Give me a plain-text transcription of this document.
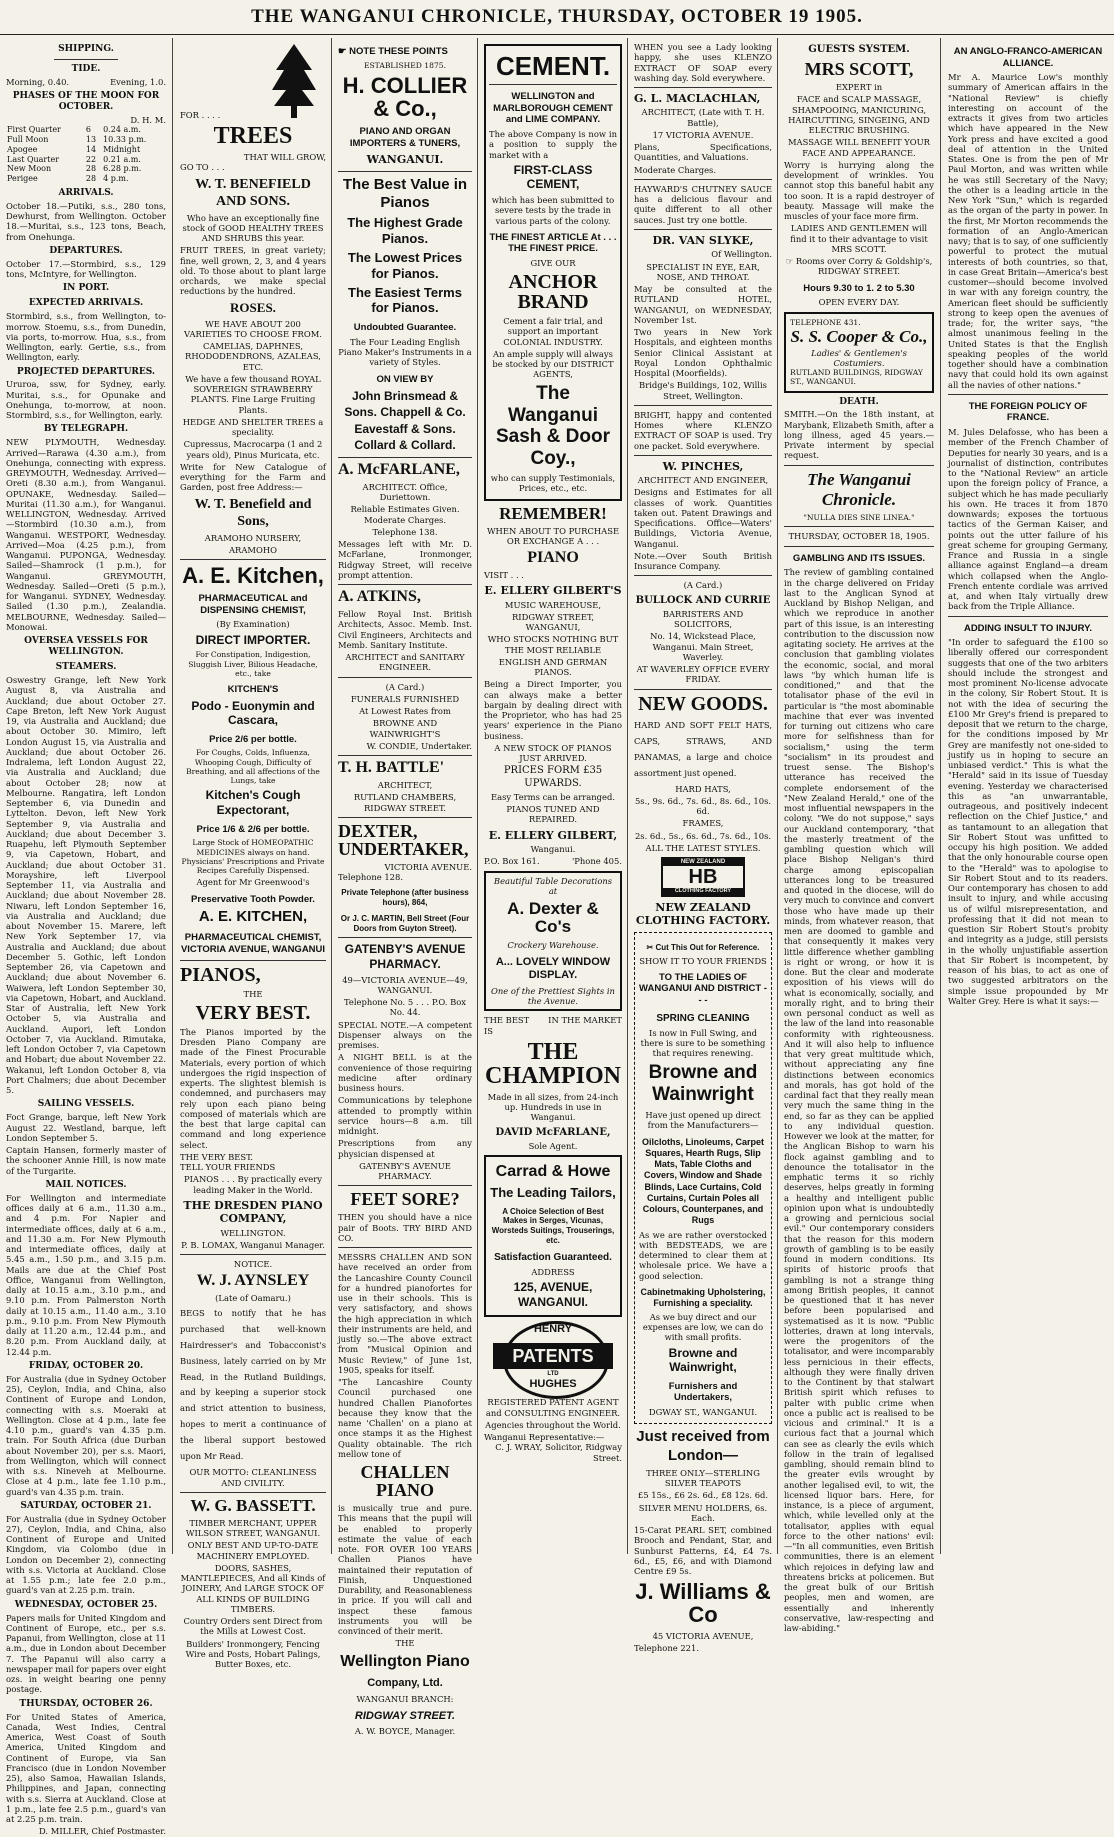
THE WANGANUI CHRONICLE, THURSDAY, OCTOBER 19 1905.
SHIPPING.
TIDE.
Morning, 0.40.	Evening, 1.0.
PHASES OF THE MOON FOR OCTOBER.
D. H. M.
First Quarter	6	0.24 a.m.
Full Moon	13	10.33 p.m.
Apogee	14	Midnight
Last Quarter	22	0.21 a.m.
New Moon	28	6.28 p.m.
Perigee	28	4 p.m.
ARRIVALS.
October 18.—Putiki, s.s., 280 tons, Dewhurst, from Wellington. October 18.—Muritai, s.s., 123 tons, Beach, from Onehunga.
DEPARTURES.
October 17.—Stormbird, s.s., 129 tons, McIntyre, for Wellington.
IN PORT.
EXPECTED ARRIVALS.
Stormbird, s.s., from Wellington, to-morrow. Stoemu, s.s., from Dunedin, via ports, to-morrow. Hua, s.s., from Wellington, early. Gertie, s.s., from Wellington, early.
PROJECTED DEPARTURES.
Ururoa, ssw, for Sydney, early. Muritai, s.s., for Opunake and Onehunga, to-morrow, at noon. Stormbird, s.s., for Wellington, early.
BY TELEGRAPH.
NEW PLYMOUTH, Wednesday. Arrived—Rarawa (4.30 a.m.), from Onehunga, connecting with express. GREYMOUTH, Wednesday. Arrived—Oreti (8.30 a.m.), from Wanganui. OPUNAKE, Wednesday. Sailed—Muritai (11.30 a.m.), for Wanganui. WELLINGTON, Wednesday. Arrived—Stormbird (10.30 a.m.), from Wanganui. WESTPORT, Wednesday. Arrived—Moa (4.25 p.m.), from Wanganui. PUPONGA, Wednesday. Sailed—Shamrock (1 p.m.), for Wanganui. GREYMOUTH, Wednesday. Sailed—Oreti (5 p.m.), for Wanganui. SYDNEY, Wednesday. Sailed (1.30 p.m.), Zealandia. MELBOURNE, Wednesday. Sailed—Monowai.
OVERSEA VESSELS FOR WELLINGTON.
STEAMERS.
Oswestry Grange, left New York August 8, via Australia and Auckland; due about October 27. Cape Breton, left New York August 19, via Australia and Auckland; due about October 30. Mimiro, left London August 15, via Australia and Auckland; due about October 26. Indralema, left London August 22, via Australia and Auckland; due about October 28; now at Melbourne. Rangatira, left London September 6, via Dunedin and Lyttelton. Devon, left New York September 9, via Australia and Auckland; due about December 3. Ruapehu, left Plymouth September 9, via Capetown, Hobart, and Auckland; due about October 31. Morayshire, left Liverpool September 11, via Australia and Auckland; due about November 28. Niwaru, left London September 16, via Australia and Auckland; due about November 15. Marere, left New York September 17, via Australia and Auckland; due about December 5. Gothic, left London September 26, via Capetown and Auckland; due about November 6. Waiwera, left London September 30, via Capetown, Hobart, and Auckland. Star of Australia, left New York October 5, via Australia and Auckland. Aupori, left London October 7, via Auckland. Rimutaka, left London October 7, via Capetown and Hobart; due about November 22. Wakanui, left London October 8, via Port Chalmers; due about December 5.
SAILING VESSELS.
Foct Grange, barque, left New York August 22. Westland, barque, left London September 5.
Captain Hansen, formerly master of the schooner Annie Hill, is now mate of the Turgarite.
MAIL NOTICES.
For Wellington and intermediate offices daily at 6 a.m., 11.30 a.m., and 4 p.m. For Napier and intermediate offices, daily at 6 a.m., and 11.30 a.m. For New Plymouth and intermediate offices, daily at 5.45 a.m., 1.50 p.m., and 3.15 p.m. Mails are due at the Chief Post Office, Wanganui from Wellington, daily at 10.15 a.m., 3.10 p.m., and 9.10 p.m. From Palmerston North daily at 10.15 a.m., 11.40 a.m., 3.10 p.m., 9.10 p.m. From New Plymouth daily at 11.20 a.m., 12.44 p.m., and 8.20 p.m. From Auckland daily, at 12.44 p.m.
FRIDAY, OCTOBER 20.
For Australia (due in Sydney October 25), Ceylon, India, and China, also Continent of Europe and London, connecting with s.s. Moeraki at Wellington. Close at 4 p.m., late fee 4.10 p.m., guard's van 4.35 p.m. train. For South Africa (due Durban about November 20), per s.s. Maori, from Wellington, which will connect with s.s. Nineveh at Melbourne. Close at 4 p.m., late fee 1.10 p.m., guard's van 4.35 p.m. train.
SATURDAY, OCTOBER 21.
For Australia (due in Sydney October 27), Ceylon, India, and China, also Continent of Europe and United Kingdom, via Colombo (due in London on December 2), connecting with s.s. Victoria at Auckland. Close at 1.55 p.m.; late fee 2.0 p.m., guard's van at 2.25 p.m. train.
WEDNESDAY, OCTOBER 25.
Papers mails for United Kingdom and Continent of Europe, etc., per s.s. Papanui, from Wellington, close at 11 a.m., due in London about December 7. The Papanui will also carry a newspaper mail for papers over eight ozs. in weight bearing one penny postage.
THURSDAY, OCTOBER 26.
For United States of America, Canada, West Indies, Central America, West Coast of South America, United Kingdom and Continent of Europe, via San Francisco (due in London November 25), also Samoa, Hawaiian Islands, Philippines, and Japan, connecting with s.s. Sierra at Auckland. Close at 1 p.m., late fee 2.5 p.m., guard's van at 2.25 p.m. train.
D. MILLER, Chief Postmaster.
FOR . . . .
TREES
THAT WILL GROW,
GO TO . . .
W. T. BENEFIELD AND SONS.
Who have an exceptionally fine stock of GOOD HEALTHY TREES AND SHRUBS this year.
FRUIT TREES, in great variety; fine, well grown, 2, 3, and 4 years old. To those about to plant large orchards, we make special reductions by the hundred.
ROSES.
WE HAVE ABOUT 200 VARIETIES TO CHOOSE FROM.
CAMELIAS, DAPHNES, RHODODENDRONS, AZALEAS, ETC.
We have a few thousand ROYAL SOVEREIGN STRAWBERRY PLANTS. Fine Large Fruiting Plants.
HEDGE AND SHELTER TREES a speciality.
Cupressus, Macrocarpa (1 and 2 years old), Pinus Muricata, etc.
Write for New Catalogue of everything for the Farm and Garden, post free Address:—
W. T. Benefield and Sons,
ARAMOHO NURSERY,
ARAMOHO
A. E. Kitchen,
PHARMACEUTICAL and DISPENSING CHEMIST,
(By Examination)
DIRECT IMPORTER.
For Constipation, Indigestion, Sluggish Liver, Bilious Headache, etc., take
KITCHEN'S
Podo - Euonymin and Cascara,
Price 2/6 per bottle.
For Coughs, Colds, Influenza, Whooping Cough, Difficulty of Breathing, and all affections of the Lungs, take
Kitchen's Cough Expectorant,
Price 1/6 & 2/6 per bottle.
Large Stock of HOMEOPATHIC MEDICINES always on hand. Physicians' Prescriptions and Private Recipes Carefully Dispensed.
Agent for Mr Greenwood's
Preservative Tooth Powder.
A. E. KITCHEN,
PHARMACEUTICAL CHEMIST, VICTORIA AVENUE, WANGANUI
PIANOS,
THE
VERY BEST.
The Pianos imported by the Dresden Piano Company are made of the Finest Procurable Materials, every portion of which undergoes the rigid inspection of experts. The slightest blemish is condemned, and purchasers may rely upon each piano being composed of materials which are the best that large capital can command and long experience select.
THE VERY BEST.
TELL YOUR FRIENDS
PIANOS . . . By practically every leading Maker in the World.
THE DRESDEN PIANO COMPANY,
WELLINGTON.
P. B. LOMAX, Wanganui Manager.
NOTICE.
W. J. AYNSLEY
(Late of Oamaru.)
BEGS to notify that he has purchased that well-known Hairdresser's and Tobacconist's Business, lately carried on by Mr Read, in the Rutland Buildings, and by keeping a superior stock and strict attention to business, hopes to merit a continuance of the liberal support bestowed upon Mr Read.
OUR MOTTO: CLEANLINESS AND CIVILITY.
W. G. BASSETT.
TIMBER MERCHANT, UPPER WILSON STREET, WANGANUI.
ONLY BEST AND UP-TO-DATE MACHINERY EMPLOYED.
DOORS, SASHES, MANTLEPIECES, And all Kinds of JOINERY, And LARGE STOCK OF ALL KINDS OF BUILDING TIMBERS.
Country Orders sent Direct from the Mills at Lowest Cost.
Builders' Ironmongery, Fencing Wire and Posts, Hobart Palings, Butter Boxes, etc.
☛ NOTE THESE POINTS
ESTABLISHED 1875.
H. COLLIER & Co.,
PIANO AND ORGAN IMPORTERS & TUNERS,
WANGANUI.
The Best Value in Pianos
The Highest Grade Pianos.
The Lowest Prices for Pianos.
The Easiest Terms for Pianos.
Undoubted Guarantee.
The Four Leading English Piano Maker's Instruments in a variety of Styles.
ON VIEW BY
John Brinsmead & Sons. Chappell & Co. Eavestaff & Sons. Collard & Collard.
A. McFARLANE,
ARCHITECT. Office, Duriettown.
Reliable Estimates Given. Moderate Charges.
Telephone 138.
Messages left with Mr. D. McFarlane, Ironmonger, Ridgway Street, will receive prompt attention.
A. ATKINS,
Fellow Royal Inst. British Architects, Assoc. Memb. Inst. Civil Engineers, Architects and Memb. Sanitary Institute.
ARCHITECT and SANITARY ENGINEER.
(A Card.)
FUNERALS FURNISHED
At Lowest Rates from
BROWNE AND WAINWRIGHT'S
W. CONDIE, Undertaker.
T. H. BATTLE'
ARCHITECT,
RUTLAND CHAMBERS, RIDGWAY STREET.
DEXTER, UNDERTAKER,
VICTORIA AVENUE.
Telephone 128.
Private Telephone (after business hours), 864,
Or J. C. MARTIN, Bell Street (Four Doors from Guyton Street).
GATENBY'S AVENUE PHARMACY.
49—VICTORIA AVENUE—49, WANGANUI.
Telephone No. 5 . . . P.O. Box No. 44.
SPECIAL NOTE.—A competent Dispenser always on the premises.
A NIGHT BELL is at the convenience of those requiring medicine after ordinary business hours.
Communications by telephone attended to promptly within service hours—8 a.m. till midnight.
Prescriptions from any physician dispensed at
GATENBY'S AVENUE PHARMACY.
FEET SORE?
THEN you should have a nice pair of Boots. TRY BIRD AND CO.
MESSRS CHALLEN AND SON have received an order from the Lancashire County Council for a hundred pianofortes for use in their schools. This is very satisfactory, and shows the high appreciation in which their instruments are held, and justly so.—The above extract from "Musical Opinion and Music Review," of June 1st, 1905, speaks for itself.
"The Lancashire County Council purchased one hundred Challen Pianofortes because they know that the name 'Challen' on a piano at once stamps it as the Highest Quality obtainable. The rich mellow tone of
CHALLEN PIANO
is musically true and pure. This means that the pupil will be enabled to properly estimate the value of each note. FOR OVER 100 YEARS Challen Pianos have maintained their reputation of Finish, Unquestioned Durability, and Reasonableness in price. If you will call and inspect these famous instruments you will be convinced of their merit.
THE
Wellington Piano
Company, Ltd.
WANGANUI BRANCH:
RIDGWAY STREET.
A. W. BOYCE, Manager.
CEMENT.
WELLINGTON and MARLBOROUGH CEMENT and LIME COMPANY.
The above Company is now in a position to supply the market with a
FIRST-CLASS CEMENT,
which has been submitted to severe tests by the trade in various parts of the colony.
THE FINEST ARTICLE At . . . THE FINEST PRICE.
GIVE OUR
ANCHOR BRAND
Cement a fair trial, and support an important COLONIAL INDUSTRY.
An ample supply will always be stocked by our DISTRICT AGENTS,
The Wanganui Sash & Door Coy.,
who can supply Testimonials, Prices, etc., etc.
REMEMBER!
WHEN ABOUT TO PURCHASE OR EXCHANGE A . . .
PIANO
VISIT . . .
E. ELLERY GILBERT'S
MUSIC WAREHOUSE,
RIDGWAY STREET, WANGANUI,
WHO STOCKS NOTHING BUT THE MOST RELIABLE
ENGLISH AND GERMAN PIANOS.
Being a Direct Importer, you can always make a better bargain by dealing direct with the Proprietor, who has had 25 years' experience in the Piano business.
A NEW STOCK OF PIANOS JUST ARRIVED.
PRICES FORM £35 UPWARDS.
Easy Terms can be arranged.
PIANOS TUNED AND REPAIRED.
E. ELLERY GILBERT,
Wanganui.
P.O. Box 161.	'Phone 405.
Beautiful Table Decorations at
A. Dexter & Co's
Crockery Warehouse.
A... LOVELY WINDOW DISPLAY.
One of the Prettiest Sights in the Avenue.
THE BEST IN THE MARKET
IS
THE CHAMPION
Made in all sizes, from 24-inch up. Hundreds in use in Wanganui.
DAVID McFARLANE,
Sole Agent.
Carrad & Howe
The Leading Tailors,
A Choice Selection of Best Makes in Serges, Vicunas, Worsteds Suitings, Trouserings, etc.
Satisfaction Guaranteed.
ADDRESS
125, AVENUE, WANGANUI.
HENRY
PATENTS
LTD
HUGHES
REGISTERED PATENT AGENT and CONSULTING ENGINEER.
Agencies throughout the World.
Wanganui Representative:—
C. J. WRAY, Solicitor, Ridgway Street.
WHEN you see a Lady looking happy, she uses KLENZO EXTRACT OF SOAP every washing day. Sold everywhere.
G. L. MACLACHLAN,
ARCHITECT, (Late with T. H. Battle),
17 VICTORIA AVENUE.
Plans, Specifications, Quantities, and Valuations.
Moderate Charges.
HAYWARD'S CHUTNEY SAUCE has a delicious flavour and quite different to all other sauces. Just try one bottle.
DR. VAN SLYKE,
Of Wellington.
SPECIALIST IN EYE, EAR, NOSE, AND THROAT.
May be consulted at the RUTLAND HOTEL, WANGANUI, on WEDNESDAY, November 1st.
Two years in New York Hospitals, and eighteen months Senior Clinical Assistant at Royal London Ophthalmic Hospital (Moorfields).
Bridge's Buildings, 102, Willis Street, Wellington.
BRIGHT, happy and contented Homes where KLENZO EXTRACT OF SOAP is used. Try one packet. Sold everywhere.
W. PINCHES,
ARCHITECT AND ENGINEER,
Designs and Estimates for all classes of work. Quantities taken out. Patent Drawings and Specifications. Office—Waters' Buildings, Victoria Avenue, Wanganui.
Note.—Over South British Insurance Company.
(A Card.)
BULLOCK AND CURRIE
BARRISTERS AND SOLICITORS,
No. 14, Wickstead Place, Wanganui. Main Street, Waverley.
AT WAVERLEY OFFICE EVERY FRIDAY.
NEW GOODS.
HARD AND SOFT FELT HATS, CAPS, STRAWS, AND PANAMAS, a large and choice assortment just opened.
HARD HATS,
5s., 9s. 6d., 7s. 6d., 8s. 6d., 10s. 6d.
FRAMES,
2s. 6d., 5s., 6s. 6d., 7s. 6d., 10s.
ALL THE LATEST STYLES.
NEW ZEALAND
HB
CLOTHING FACTORY
NEW ZEALAND CLOTHING FACTORY.
✂ Cut This Out for Reference.
SHOW IT TO YOUR FRIENDS
TO THE LADIES OF WANGANUI AND DISTRICT - - -
SPRING CLEANING
Is now in Full Swing, and there is sure to be something that requires renewing.
Browne and Wainwright
Have just opened up direct from the Manufacturers—
Oilcloths, Linoleums, Carpet Squares, Hearth Rugs, Slip Mats, Table Cloths and Covers, Window and Shade Blinds, Lace Curtains, Cold Curtains, Curtain Poles all Colours, Counterpanes, and Rugs
As we are rather overstocked with BEDSTEADS, we are determined to clear them at wholesale price. We have a good selection.
Cabinetmaking Upholstering, Furnishing a speciality.
As we buy direct and our expenses are low, we can do with small profits.
Browne and Wainwright,
Furnishers and Undertakers,
DGWAY ST., WANGANUI.
Just received from London—
THREE ONLY—STERLING SILVER TEAPOTS
£5 15s., £6 2s. 6d., £8 12s. 6d.
SILVER MENU HOLDERS, 6s. Each.
15-Carat PEARL SET, combined Brooch and Pendant, Star, and Sunburst Patterns, £4, £4 7s. 6d., £5, £6, and with Diamond Centre £9 5s.
J. Williams & Co
45 VICTORIA AVENUE,
Telephone 221.
GUESTS SYSTEM.
MRS SCOTT,
EXPERT in
FACE and SCALP MASSAGE, SHAMPOOING, MANICURING, HAIRCUTTING, SINGEING, AND ELECTRIC BRUSHING.
MASSAGE WILL BENEFIT YOUR FACE AND APPEARANCE.
Worry is hurrying along the development of wrinkles. You cannot stop this baneful habit any too soon. It is a rapid destroyer of beauty. Massage will make the muscles of your face more firm.
LADIES AND GENTLEMEN will find it to their advantage to visit MRS SCOTT.
☞ Rooms over Corry & Goldship's, RIDGWAY STREET.
Hours 9.30 to 1. 2 to 5.30
OPEN EVERY DAY.
TELEPHONE 431.
S. S. Cooper & Co.,
Ladies' & Gentlemen's Costumiers.
RUTLAND BUILDINGS, RIDGWAY ST., WANGANUI.
DEATH.
SMITH.—On the 18th instant, at Marybank, Elizabeth Smith, after a long illness, aged 45 years.—Private interment by special request.
The Wanganui Chronicle.
"NULLA DIES SINE LINEA."
THURSDAY, OCTOBER 18, 1905.
GAMBLING AND ITS ISSUES.
The review of gambling contained in the charge delivered on Friday last to the Anglican Synod at Auckland by Bishop Neligan, and which we reproduce in another part of this issue, is an interesting contribution to the discussion now agitating society. He arrives at the conclusion that gambling violates the economic, social, and moral laws "by which human life is conditioned," and that the totalisator phase of the evil in particular is "the most abominable machine that ever was invented for turning out citizens who care more for selfishness than for socialism," using the term "socialism" in its proudest and truest sense. The Bishop's utterance has received the complete endorsement of the "New Zealand Herald," one of the most influential newspapers in the colony. "We do not suppose," says our Auckland contemporary, "that the masterly treatment of the gambling question which will place Bishop Neligan's third charge among episcopalian utterances long to be treasured and quoted in the diocese, will do very much to convince and convert those who have made up their minds, from whatever reason, that men are doomed to gamble and that consequently it makes very little difference whether gambling is right or wrong, or how it is done. But the clear and moderate exposition of his views will do what is economically, socially, and morally right, and to bring their own personal conduct as well as the law of the land into reasonable conformity with righteousness. And it will also help to influence that very great multitude which, without appreciating any fine distinctions between economics and morals, has got hold of the cardinal fact that they really mean very much the same thing in the end, so far as they can be applied to any individual question. However we look at the matter, for the Anglican Bishop to warn his flock against gambling and to denounce the totalisator in the emphatic terms it so richly deserves, helps greatly in forming a healthy and intelligent public opinion upon what is undoubtedly a growing and pernicious social evil." Our contemporary considers that the reason for this modern growth of gambling is to be easily found in modern conditions. Its spirits of historic proofs that gambling is not a strange thing among British peoples, it cannot be questioned that it has never before been popularised and systematised as it is now. "Public lotteries, drawn at long intervals, were the progenitors of the totalisator, and were incomparably less pernicious in their effects, although they were finally driven to the Continent by that stalwart British spirit which refuses to palter with public crime when once a public act is realised to be vicious and criminal." It is a curious fact that a journal which can see as clearly the evils which follow in the train of legalised gambling, should remain blind to the greater evils wrought by another legalised evil, to wit, the licensed liquor bars. Here, for instance, is a piece of argument, which, while levelled only at the totalisator, applies with equal force to the other nations' evil:—"In all communities, even British communities, there is an element which rejoices in defying law and threatens bricks at policemen. But the great bulk of our British peoples, men and women, are essentially and inherently conservative, law-respecting and law-abiding."
AN ANGLO-FRANCO-AMERICAN ALLIANCE.
Mr A. Maurice Low's monthly summary of American affairs in the "National Review" is chiefly interesting on account of the extracts it gives from two articles which have appeared in the New York press and have excited a good deal of attention in the United States. One is from the pen of Mr Paul Morton, and was written while he was still Secretary of the Navy; the other is a leading article in the New York "Sun," which is regarded as the organ of the party in power. In the first, Mr Morton recommends the formation of an Anglo-American navy; that is to say, of one sufficiently powerful to protect the mutual interests of both countries, so that, in case Great Britain—America's best customer—should become involved in war with any foreign country, the American fleet should be sufficiently strong to keep open the avenues of trade; for, the writer says, "the almost unanimous feeling in the United States is that the English speaking peoples of the world together should have a combination navy that could hold its own against all the navies of other nations."
THE FOREIGN POLICY OF FRANCE.
M. Jules Delafosse, who has been a member of the French Chamber of Deputies for nearly 30 years, and is a journalist of distinction, contributes to the "National Review" an article upon the foreign policy of France, a subject which he has made peculiarly his own. He traces it from 1870 downwards; exposes the tortuous tactics of the German Kaiser, and points out the utter failure of his great scheme for grouping Germany, France and Russia in a single alliance against England—a dream which collapsed when the Anglo-French entente cordiale was arrived at, and when Italy virtually drew back from the Triple Alliance.
ADDING INSULT TO INJURY.
"In order to safeguard the £100 so liberally offered our correspondent suggests that one of the two arbiters should include the strongest and most prominent No-license advocate in the colony, Sir Robert Stout. It is not with the idea of securing the £100 Mr Grey's friend is prepared to deposit that we return to the charge, for the conditions imposed by Mr Grey are manifestly not one-sided to justify us in hoping to secure an unbiased verdict." This is what the "Herald" said in its issue of Tuesday evening. Yesterday we characterised this as "an unwarrantable, outrageous, and positively indecent reflection on the Chief Justice," and as tantamount to an allegation that Sir Robert Stout was unfitted to occupy his high position. We added that the only honourable course open to the "Herald" was to apologise to Sir Robert Stout and to its readers. Our contemporary has chosen to add insult to injury, and while accusing us of wilful misrepresentation, and professing that it did not mean to question Sir Robert Stout's probity and integrity as a judge, still persists in the wholly unjustifiable assertion that Sir Robert is incompetent, by reason of his bias, to act as one of two suggested arbitrators on the simple issue propounded by Mr Walter Grey. Here is what it says:—
